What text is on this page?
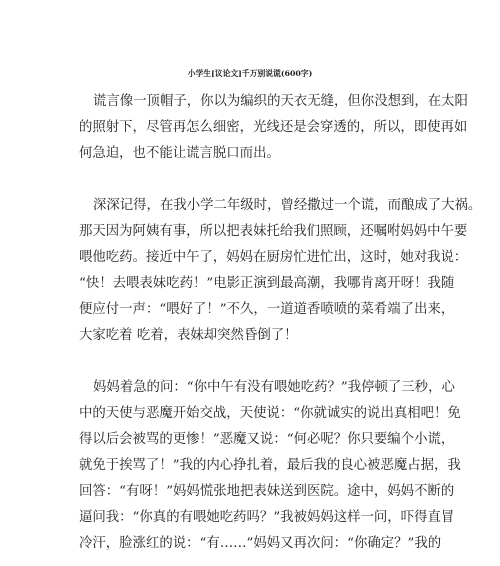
小学生[议论文]千万别说谎(600字)
谎言像一顶帽子，你以为编织的天衣无缝，但你没想到，在太阳
的照射下，尽管再怎么细密，光线还是会穿透的，所以，即使再如
何急迫，也不能让谎言脱口而出。
深深记得，在我小学二年级时，曾经撒过一个谎，而酿成了大祸。
那天因为阿姨有事，所以把表妹托给我们照顾，还嘱咐妈妈中午要
喂他吃药。接近中午了，妈妈在厨房忙进忙出，这时，她对我说：
“快！去喂表妹吃药！”电影正演到最高潮，我哪肯离开呀！我随
便应付一声：“喂好了！”不久，一道道香喷喷的菜肴端了出来，
大家吃着 吃着，表妹却突然昏倒了！
妈妈着急的问：“你中午有没有喂她吃药？”我停顿了三秒，心
中的天使与恶魔开始交战，天使说：“你就诚实的说出真相吧！免
得以后会被骂的更惨！”恶魔又说：“何必呢？你只要编个小谎，
就免于挨骂了！”我的内心挣扎着，最后我的良心被恶魔占据，我
回答：“有呀！”妈妈慌张地把表妹送到医院。途中，妈妈不断的
逼问我：“你真的有喂她吃药吗？”我被妈妈这样一问，吓得直冒
冷汗，脸涨红的说：“有……”妈妈又再次问：“你确定？”我的
